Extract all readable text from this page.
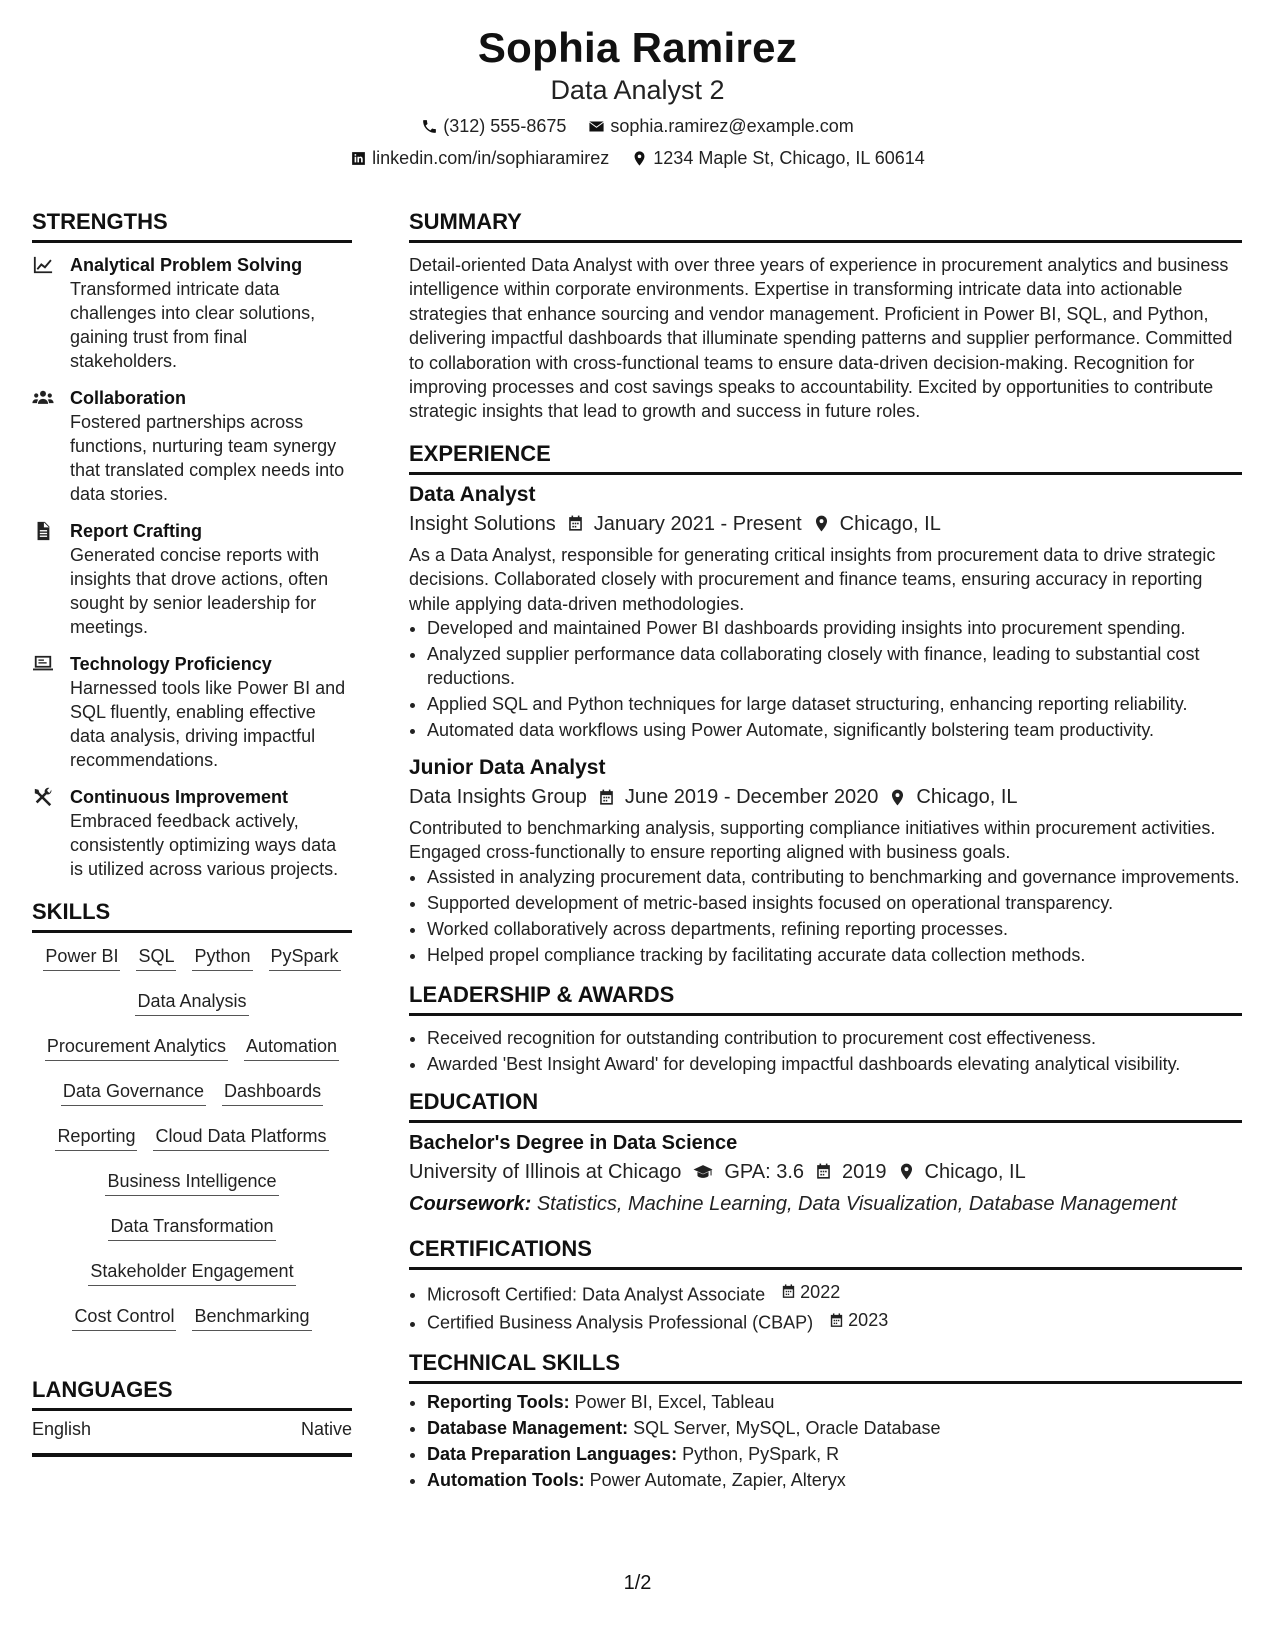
Sophia Ramirez
Data Analyst 2
(312) 555-8675 sophia.ramirez@example.com
linkedin.com/in/sophiaramirez 1234 Maple St, Chicago, IL 60614
STRENGTHS
Analytical Problem Solving
Transformed intricate data challenges into clear solutions, gaining trust from final stakeholders.
Collaboration
Fostered partnerships across functions, nurturing team synergy that translated complex needs into data stories.
Report Crafting
Generated concise reports with insights that drove actions, often sought by senior leadership for meetings.
Technology Proficiency
Harnessed tools like Power BI and SQL fluently, enabling effective data analysis, driving impactful recommendations.
Continuous Improvement
Embraced feedback actively, consistently optimizing ways data is utilized across various projects.
SKILLS
Power BI SQL Python PySpark
Data Analysis
Procurement Analytics Automation
Data Governance Dashboards
Reporting Cloud Data Platforms
Business Intelligence
Data Transformation
Stakeholder Engagement
Cost Control Benchmarking
LANGUAGES
English	Native
SUMMARY
Detail-oriented Data Analyst with over three years of experience in procurement analytics and business intelligence within corporate environments. Expertise in transforming intricate data into actionable strategies that enhance sourcing and vendor management. Proficient in Power BI, SQL, and Python, delivering impactful dashboards that illuminate spending patterns and supplier performance. Committed to collaboration with cross-functional teams to ensure data-driven decision-making. Recognition for improving processes and cost savings speaks to accountability. Excited by opportunities to contribute strategic insights that lead to growth and success in future roles.
EXPERIENCE
Data Analyst
Insight Solutions January 2021 - Present Chicago, IL
As a Data Analyst, responsible for generating critical insights from procurement data to drive strategic decisions. Collaborated closely with procurement and finance teams, ensuring accuracy in reporting while applying data-driven methodologies.
• Developed and maintained Power BI dashboards providing insights into procurement spending.
• Analyzed supplier performance data collaborating closely with finance, leading to substantial cost reductions.
• Applied SQL and Python techniques for large dataset structuring, enhancing reporting reliability.
• Automated data workflows using Power Automate, significantly bolstering team productivity.
Junior Data Analyst
Data Insights Group June 2019 - December 2020 Chicago, IL
Contributed to benchmarking analysis, supporting compliance initiatives within procurement activities. Engaged cross-functionally to ensure reporting aligned with business goals.
• Assisted in analyzing procurement data, contributing to benchmarking and governance improvements.
• Supported development of metric-based insights focused on operational transparency.
• Worked collaboratively across departments, refining reporting processes.
• Helped propel compliance tracking by facilitating accurate data collection methods.
LEADERSHIP & AWARDS
• Received recognition for outstanding contribution to procurement cost effectiveness.
• Awarded 'Best Insight Award' for developing impactful dashboards elevating analytical visibility.
EDUCATION
Bachelor's Degree in Data Science
University of Illinois at Chicago GPA: 3.6 2019 Chicago, IL
Coursework: Statistics, Machine Learning, Data Visualization, Database Management
CERTIFICATIONS
• Microsoft Certified: Data Analyst Associate 2022
• Certified Business Analysis Professional (CBAP) 2023
TECHNICAL SKILLS
• Reporting Tools: Power BI, Excel, Tableau
• Database Management: SQL Server, MySQL, Oracle Database
• Data Preparation Languages: Python, PySpark, R
• Automation Tools: Power Automate, Zapier, Alteryx
1/2
